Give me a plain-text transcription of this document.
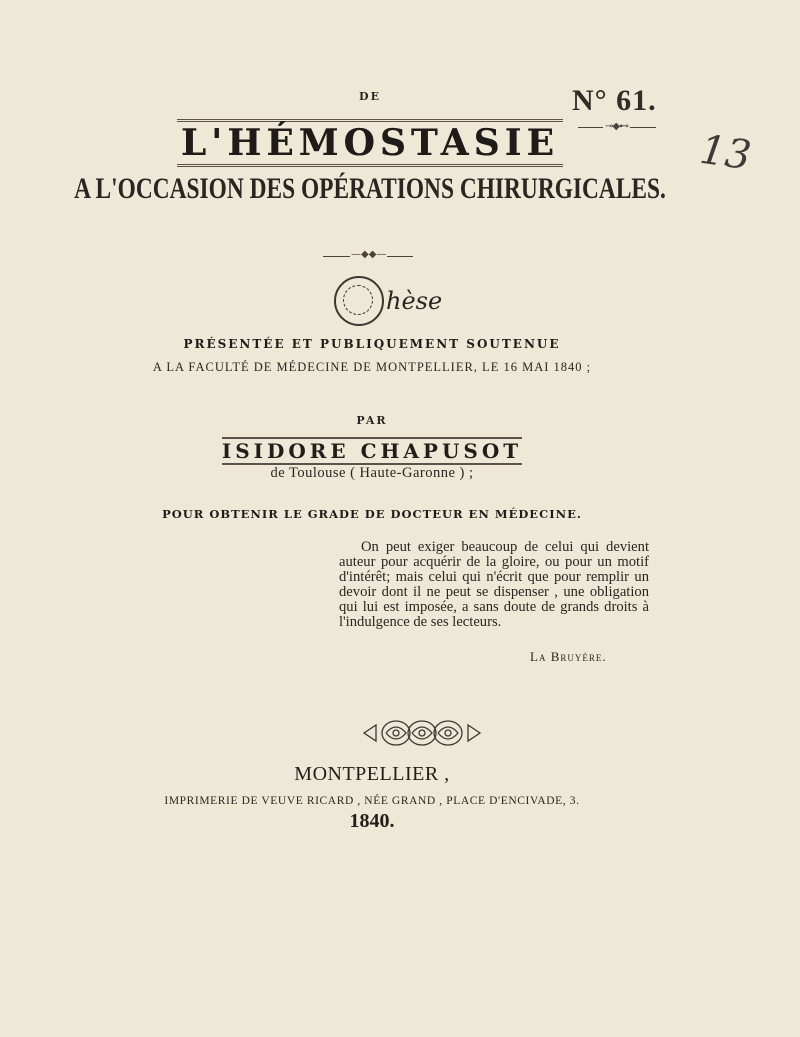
DE	N° 61.
⊸◆⊷
13
L'HÉMOSTASIE
A L'OCCASION DES OPÉRATIONS CHIRURGICALES.
—◆◆—
hèse
PRÉSENTÉE ET PUBLIQUEMENT SOUTENUE
A LA FACULTÉ DE MÉDECINE DE MONTPELLIER, LE 16 MAI 1840 ;
PAR
ISIDORE CHAPUSOT
de Toulouse ( Haute-Garonne ) ;
POUR OBTENIR LE GRADE DE DOCTEUR EN MÉDECINE.

On peut exiger beaucoup de celui qui devient auteur pour acquérir de la gloire, ou pour un motif d'intérêt; mais celui qui n'écrit que pour remplir un devoir dont il ne peut se dispenser , une obligation qui lui est imposée, a sans doute de grands droits à l'indulgence de ses lecteurs.

La Bruyère.
MONTPELLIER ,
IMPRIMERIE DE VEUVE RICARD , NÉE GRAND , PLACE D'ENCIVADE, 3.
1840.
